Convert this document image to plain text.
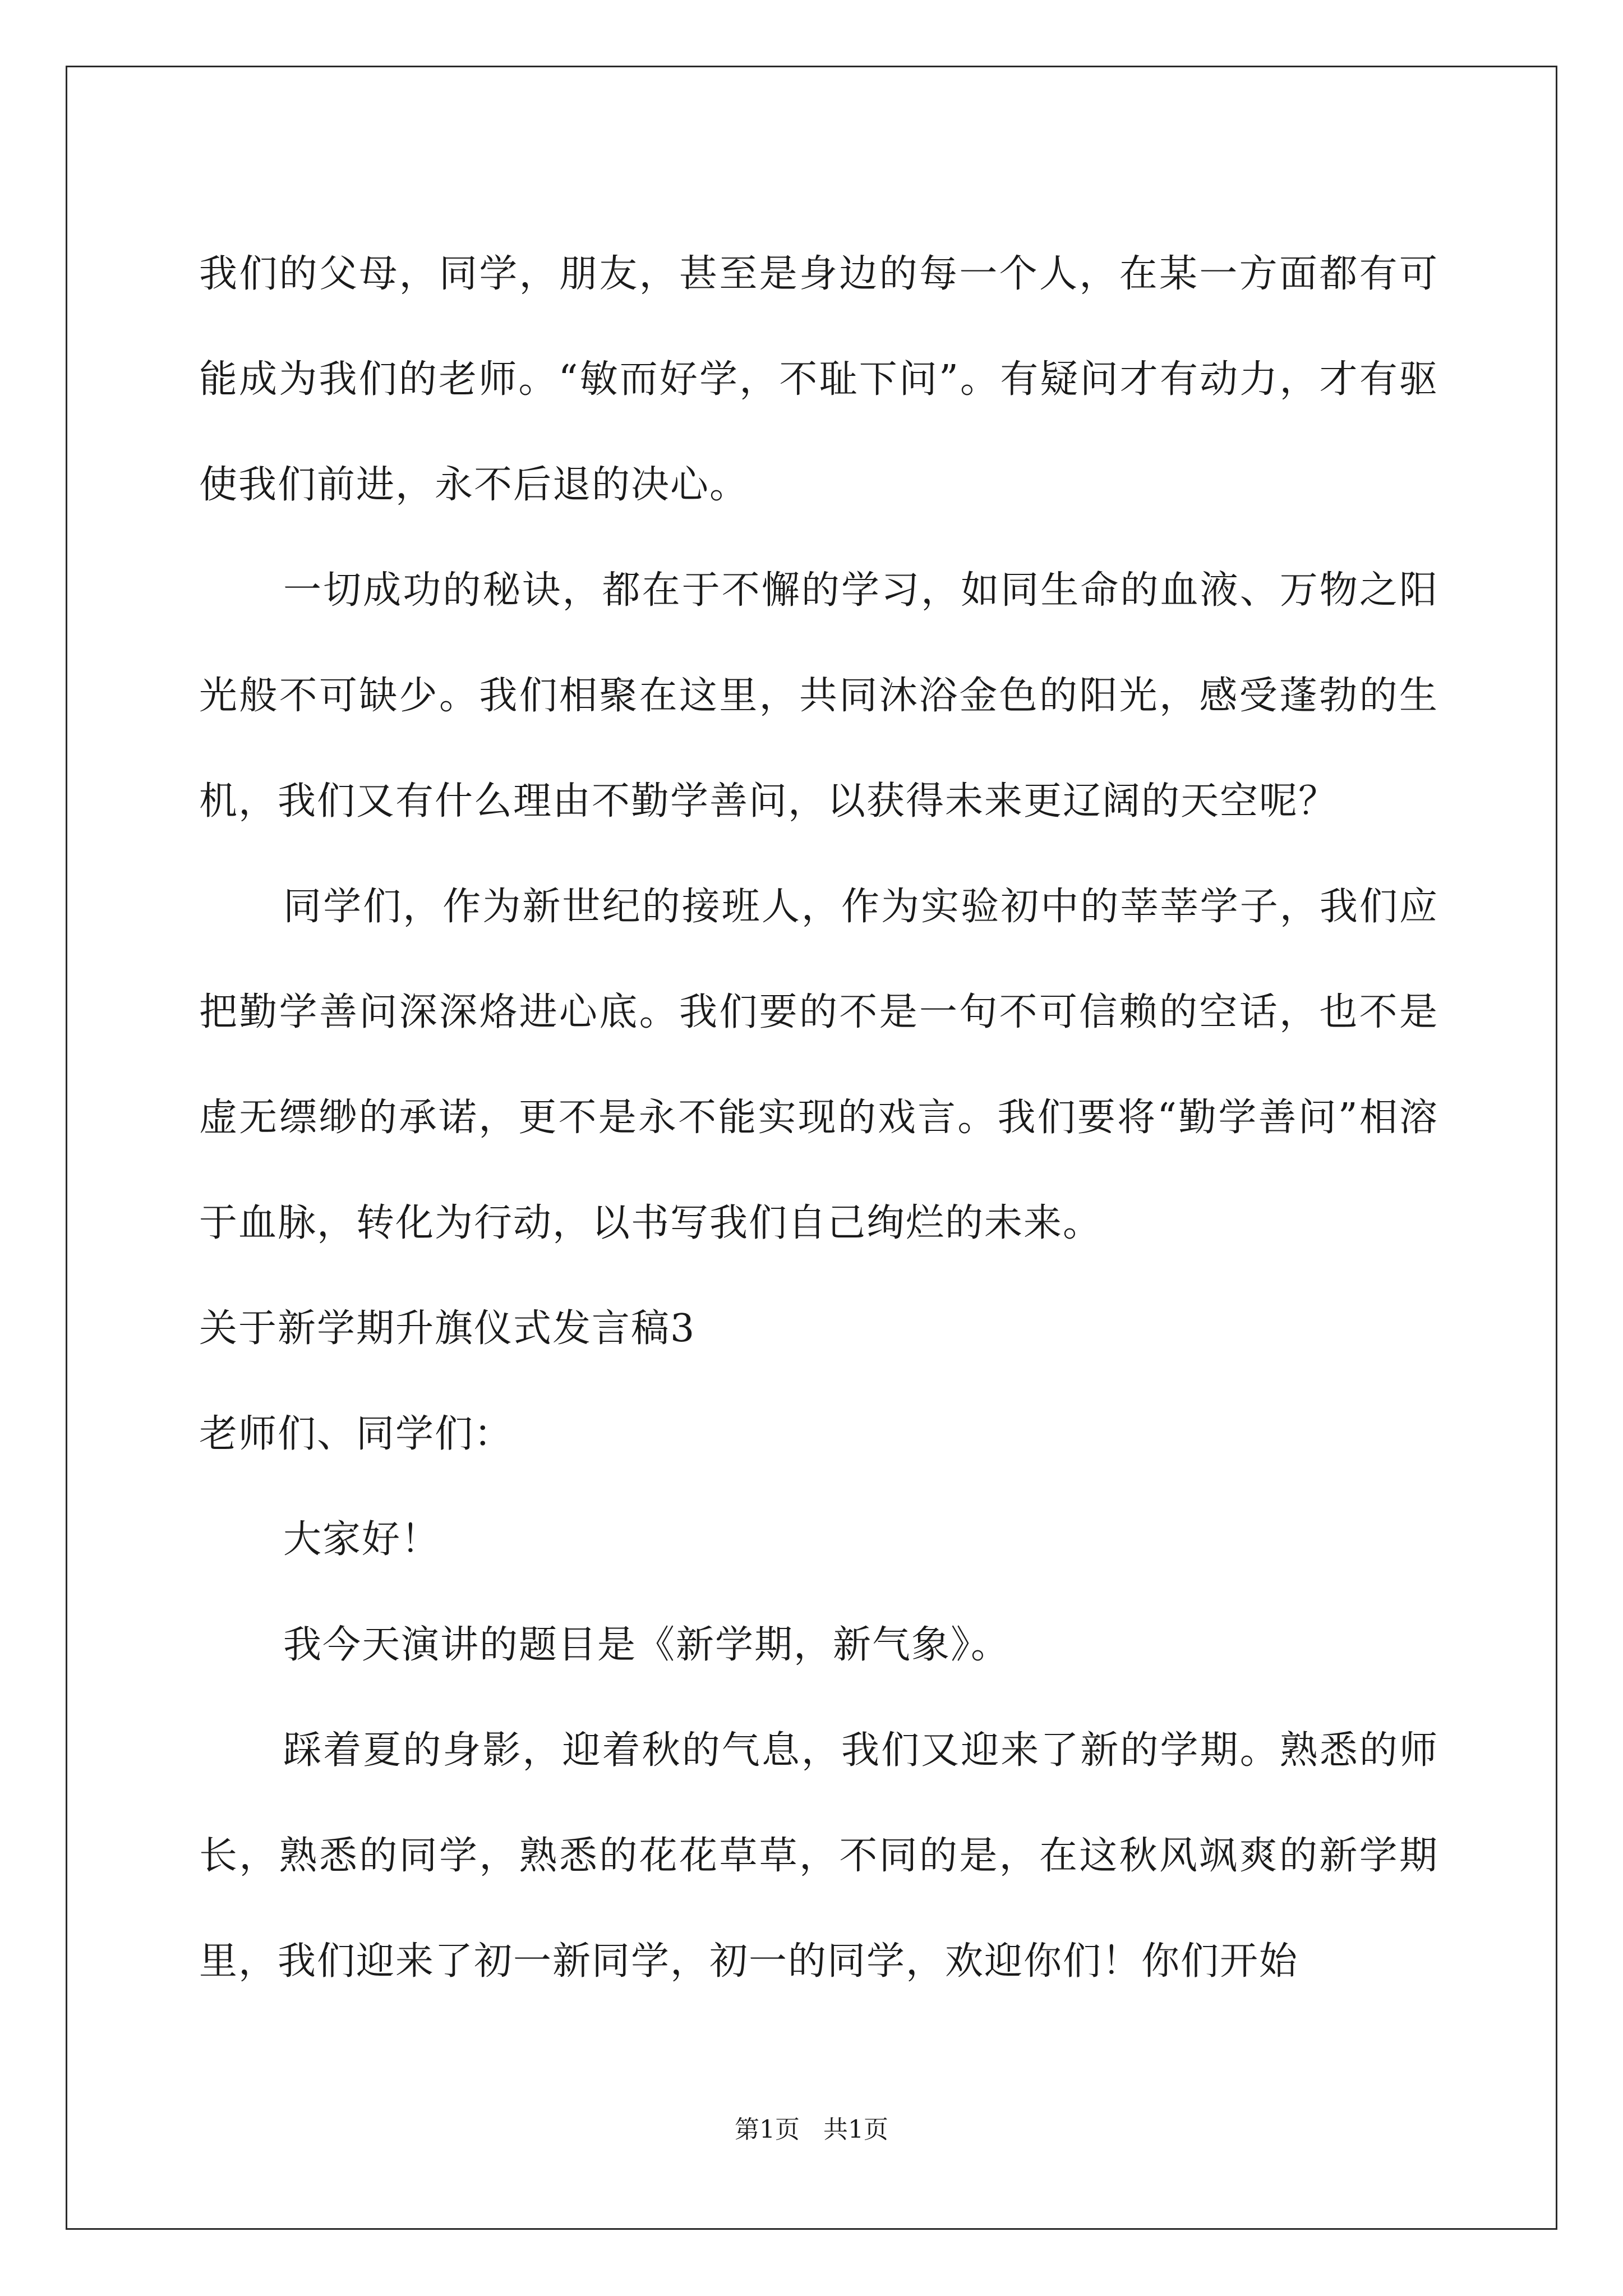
我们的父母，同学，朋友，甚至是身边的每一个人，在某一方面都有可能成为我们的老师。“敏而好学，不耻下问”。有疑问才有动力，才有驱使我们前进，永不后退的决心。

一切成功的秘诀，都在于不懈的学习，如同生命的血液、万物之阳光般不可缺少。我们相聚在这里，共同沐浴金色的阳光，感受蓬勃的生机，我们又有什么理由不勤学善问，以获得未来更辽阔的天空呢？

同学们，作为新世纪的接班人，作为实验初中的莘莘学子，我们应把勤学善问深深烙进心底。我们要的不是一句不可信赖的空话，也不是虚无缥缈的承诺，更不是永不能实现的戏言。我们要将“勤学善问”相溶于血脉，转化为行动，以书写我们自己绚烂的未来。

关于新学期升旗仪式发言稿3

老师们、同学们：

大家好！

我今天演讲的题目是《新学期，新气象》。

踩着夏的身影，迎着秋的气息，我们又迎来了新的学期。熟悉的师长，熟悉的同学，熟悉的花花草草，不同的是，在这秋风飒爽的新学期里，我们迎来了初一新同学，初一的同学，欢迎你们！你们开始

第1页 共1页
